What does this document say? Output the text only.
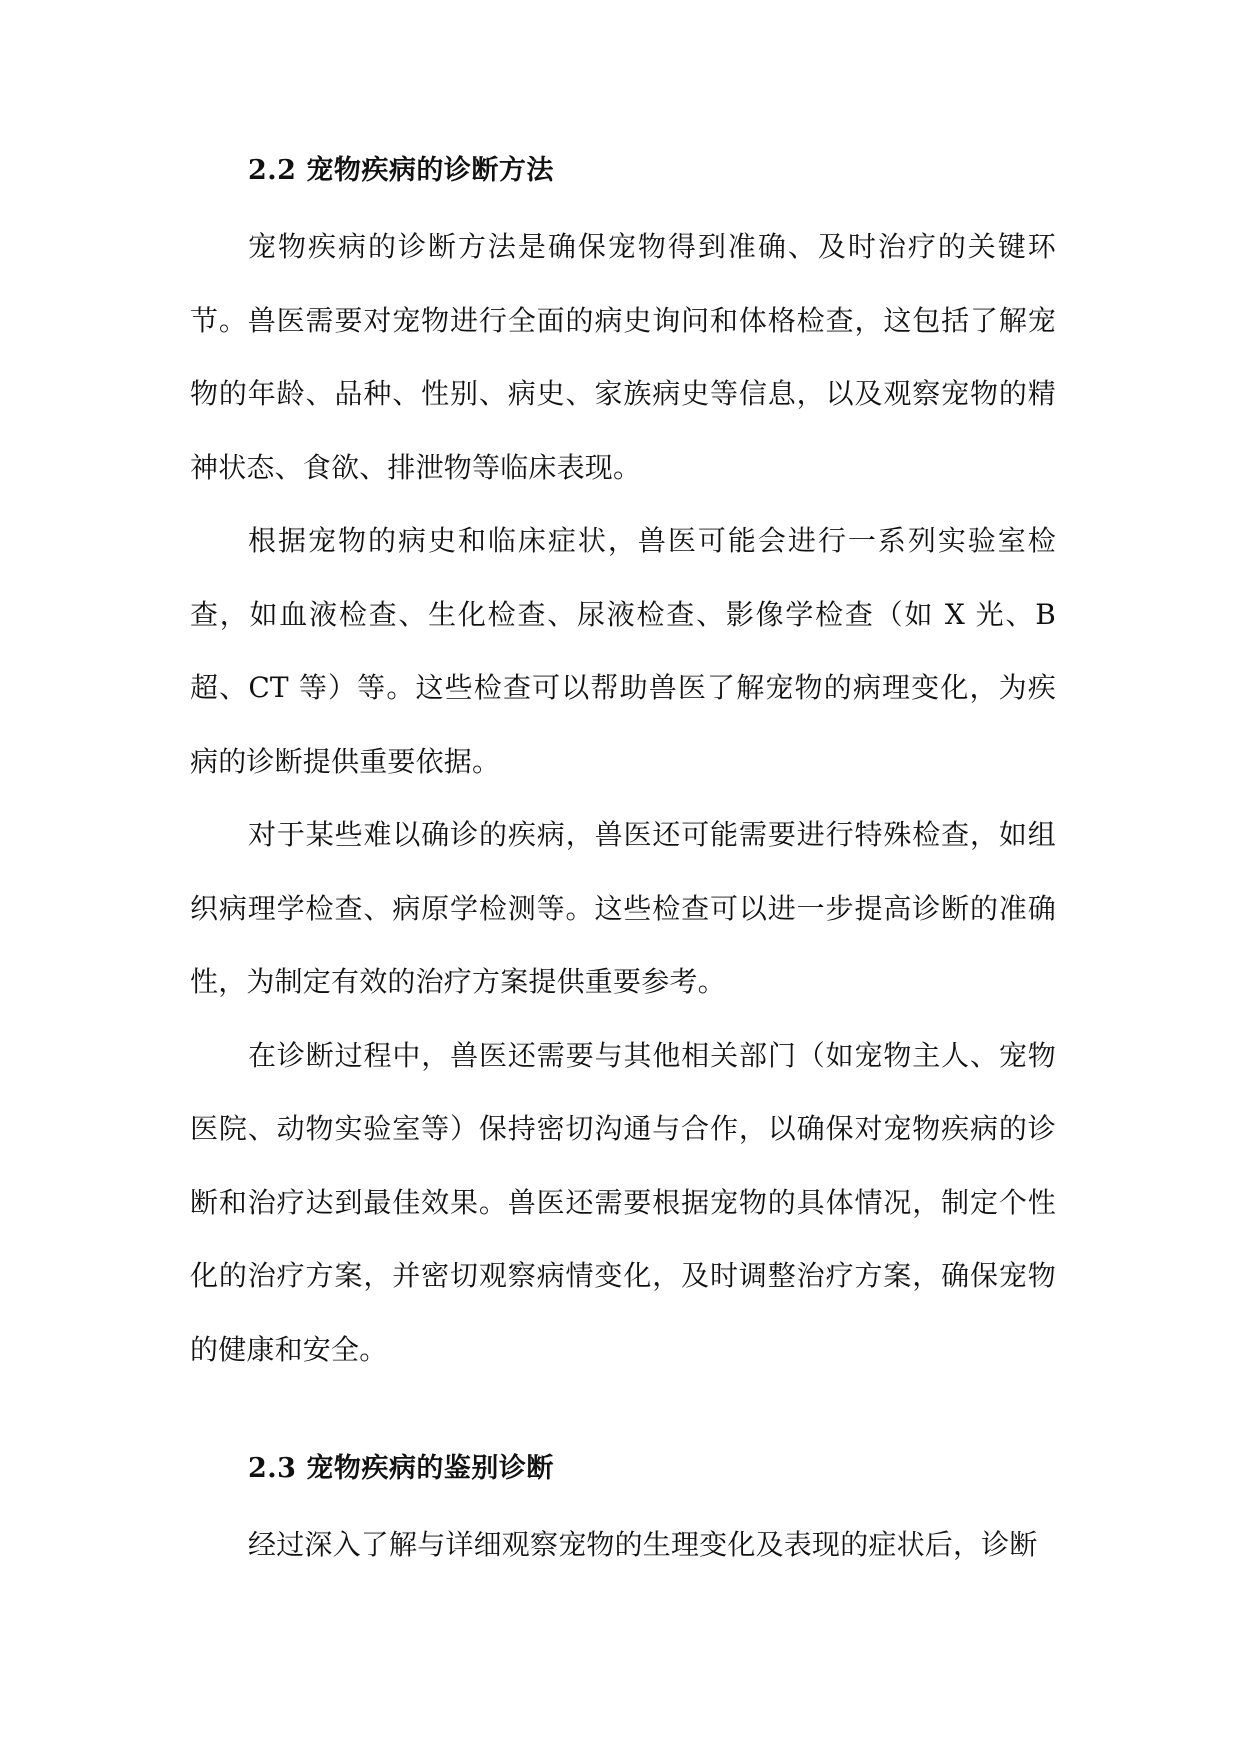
2.2 宠物疾病的诊断方法

宠物疾病的诊断方法是确保宠物得到准确、及时治疗的关键环节。兽医需要对宠物进行全面的病史询问和体格检查，这包括了解宠物的年龄、品种、性别、病史、家族病史等信息，以及观察宠物的精神状态、食欲、排泄物等临床表现。

根据宠物的病史和临床症状，兽医可能会进行一系列实验室检查，如血液检查、生化检查、尿液检查、影像学检查（如 X 光、B 超、CT 等）等。这些检查可以帮助兽医了解宠物的病理变化，为疾病的诊断提供重要依据。

对于某些难以确诊的疾病，兽医还可能需要进行特殊检查，如组织病理学检查、病原学检测等。这些检查可以进一步提高诊断的准确性，为制定有效的治疗方案提供重要参考。

在诊断过程中，兽医还需要与其他相关部门（如宠物主人、宠物医院、动物实验室等）保持密切沟通与合作，以确保对宠物疾病的诊断和治疗达到最佳效果。兽医还需要根据宠物的具体情况，制定个性化的治疗方案，并密切观察病情变化，及时调整治疗方案，确保宠物的健康和安全。

2.3 宠物疾病的鉴别诊断

经过深入了解与详细观察宠物的生理变化及表现的症状后，诊断
